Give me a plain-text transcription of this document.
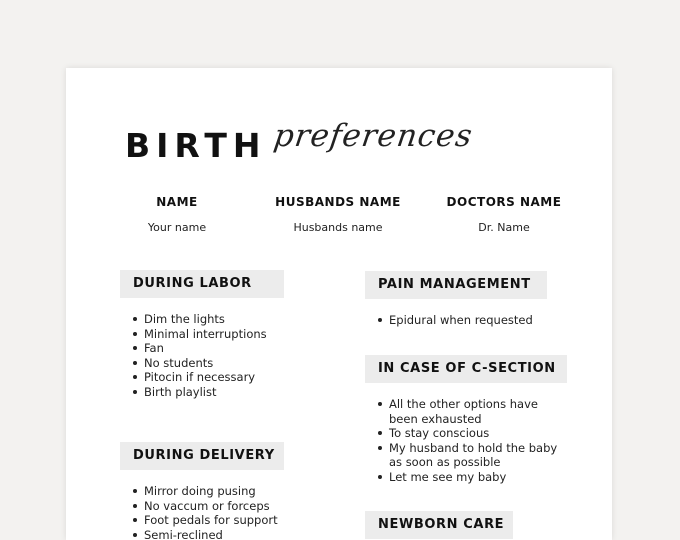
BIRTH preferences
NAME
Your name
HUSBANDS NAME
Husbands name
DOCTORS NAME
Dr. Name
DURING LABOR
Dim the lights
Minimal interruptions
Fan
No students
Pitocin if necessary
Birth playlist
DURING DELIVERY
Mirror doing pusing
No vaccum or forceps
Foot pedals for support
Semi-reclined
PAIN MANAGEMENT
Epidural when requested
IN CASE OF C-SECTION
All the other options have been exhausted
To stay conscious
My husband to hold the baby as soon as possible
Let me see my baby
NEWBORN CARE
